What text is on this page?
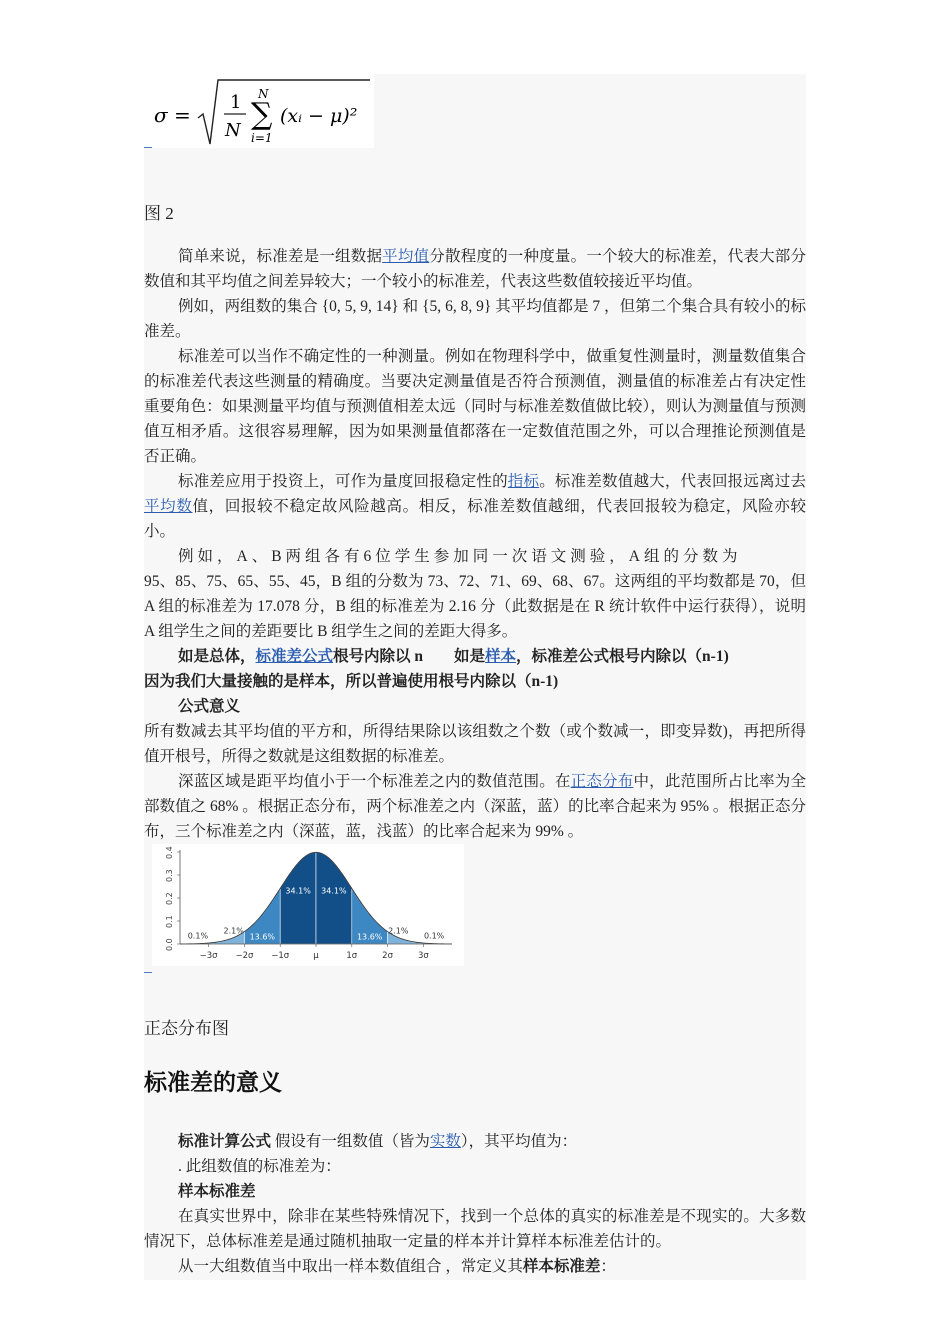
σ =
1
N
N
∑
i=1
(xᵢ − μ)²
图 2

简单来说，标准差是一组数据平均值分散程度的一种度量。一个较大的标准差，代表大部分数值和其平均值之间差异较大；一个较小的标准差，代表这些数值较接近平均值。

例如，两组数的集合 {0, 5, 9, 14} 和 {5, 6, 8, 9} 其平均值都是 7 ，但第二个集合具有较小的标准差。

标准差可以当作不确定性的一种测量。例如在物理科学中，做重复性测量时，测量数值集合的标准差代表这些测量的精确度。当要决定测量值是否符合预测值，测量值的标准差占有决定性重要角色：如果测量平均值与预测值相差太远（同时与标准差数值做比较），则认为测量值与预测值互相矛盾。这很容易理解，因为如果测量值都落在一定数值范围之外，可以合理推论预测值是否正确。

标准差应用于投资上，可作为量度回报稳定性的指标。标准差数值越大，代表回报远离过去平均数值，回报较不稳定故风险越高。相反，标准差数值越细，代表回报较为稳定，风险亦较小。

例如，A、B两组各有6位学生参加同一次语文测验，A组的分数为

95、85、75、65、55、45，B 组的分数为 73、72、71、69、68、67。这两组的平均数都是 70，但 A 组的标准差为 17.078 分，B 组的标准差为 2.16 分（此数据是在 R 统计软件中运行获得），说明 A 组学生之间的差距要比 B 组学生之间的差距大得多。

如是总体，标准差公式根号内除以 n　　如是样本，标准差公式根号内除以（n-1)

因为我们大量接触的是样本，所以普遍使用根号内除以（n-1)

公式意义

所有数减去其平均值的平方和，所得结果除以该组数之个数（或个数减一，即变异数)，再把所得值开根号，所得之数就是这组数据的标准差。

深蓝区域是距平均值小于一个标准差之内的数值范围。在正态分布中，此范围所占比率为全部数值之 68% 。根据正态分布，两个标准差之内（深蓝，蓝）的比率合起来为 95% 。根据正态分布，三个标准差之内（深蓝，蓝，浅蓝）的比率合起来为 99% 。

0.0
0.1
0.2
0.3
0.4
−3σ −2σ −1σ	μ	1σ	2σ	3σ
2.1%
13.6%
34.1% 34.1%
13.6%
2.1%
0.1%	0.1%
正态分布图
标准差的意义

标准计算公式 假设有一组数值（皆为实数），其平均值为：

. 此组数值的标准差为：

样本标准差

在真实世界中，除非在某些特殊情况下，找到一个总体的真实的标准差是不现实的。大多数情况下，总体标准差是通过随机抽取一定量的样本并计算样本标准差估计的。

从一大组数值当中取出一样本数值组合 ，常定义其样本标准差：
